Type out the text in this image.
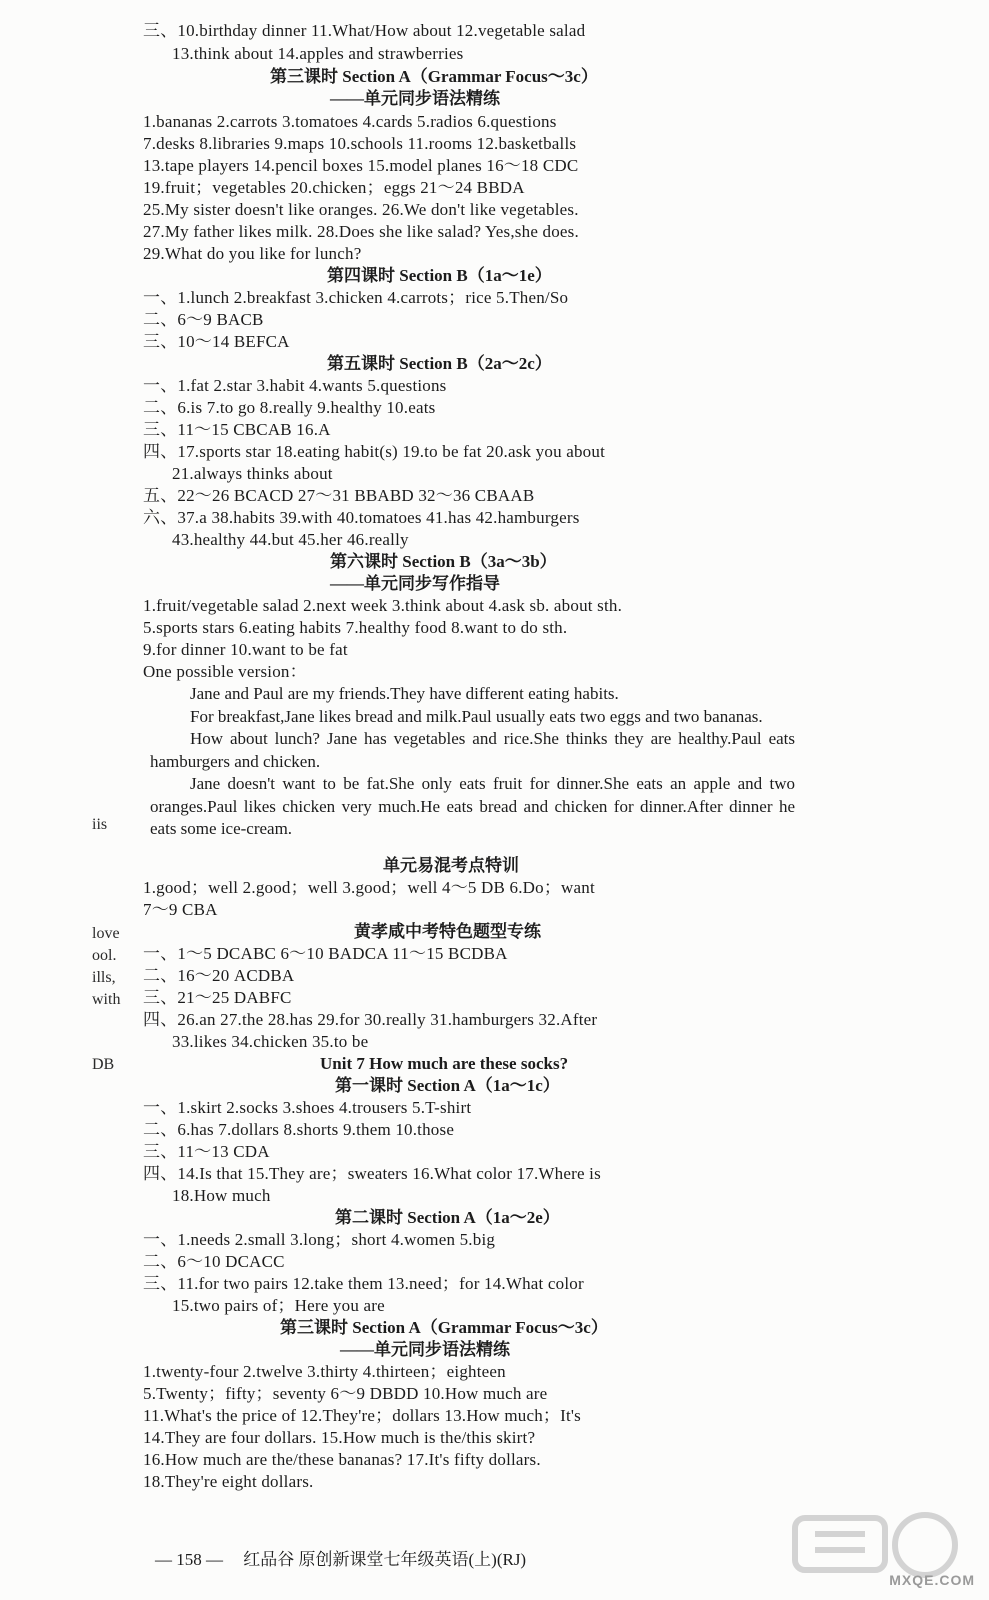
三、10.birthday dinner 11.What/How about 12.vegetable salad
13.think about 14.apples and strawberries
1.bananas 2.carrots 3.tomatoes 4.cards 5.radios 6.questions
7.desks 8.libraries 9.maps 10.schools 11.rooms 12.basketballs
13.tape players 14.pencil boxes 15.model planes 16～18 CDC
19.fruit；vegetables 20.chicken；eggs 21～24 BBDA
25.My sister doesn't like oranges. 26.We don't like vegetables.
27.My father likes milk. 28.Does she like salad? Yes,she does.
29.What do you like for lunch?
一、1.lunch 2.breakfast 3.chicken 4.carrots；rice 5.Then/So
二、6～9 BACB
三、10～14 BEFCA
一、1.fat 2.star 3.habit 4.wants 5.questions
二、6.is 7.to go 8.really 9.healthy 10.eats
三、11～15 CBCAB 16.A
四、17.sports star 18.eating habit(s) 19.to be fat 20.ask you about
21.always thinks about
五、22～26 BCACD 27～31 BBABD 32～36 CBAAB
六、37.a 38.habits 39.with 40.tomatoes 41.has 42.hamburgers
43.healthy 44.but 45.her 46.really
1.fruit/vegetable salad 2.next week 3.think about 4.ask sb. about sth.
5.sports stars 6.eating habits 7.healthy food 8.want to do sth.
9.for dinner 10.want to be fat
One possible version：
1.good；well 2.good；well 3.good；well 4～5 DB 6.Do；want
7～9 CBA
一、1～5 DCABC 6～10 BADCA 11～15 BCDBA
二、16～20 ACDBA
三、21～25 DABFC
四、26.an 27.the 28.has 29.for 30.really 31.hamburgers 32.After
33.likes 34.chicken 35.to be
一、1.skirt 2.socks 3.shoes 4.trousers 5.T-shirt
二、6.has 7.dollars 8.shorts 9.them 10.those
三、11～13 CDA
四、14.Is that 15.They are；sweaters 16.What color 17.Where is
18.How much
一、1.needs 2.small 3.long；short 4.women 5.big
二、6～10 DCACC
三、11.for two pairs 12.take them 13.need；for 14.What color
15.two pairs of；Here you are
1.twenty-four 2.twelve 3.thirty 4.thirteen；eighteen
5.Twenty；fifty；seventy 6～9 DBDD 10.How much are
11.What's the price of 12.They're；dollars 13.How much；It's
14.They are four dollars. 15.How much is the/this skirt?
16.How much are the/these bananas? 17.It's fifty dollars.
18.They're eight dollars.
第三课时 Section A（Grammar Focus～3c）
——单元同步语法精练
第四课时 Section B（1a～1e）
第五课时 Section B（2a～2c）
第六课时 Section B（3a～3b）
——单元同步写作指导
单元易混考点特训
黄孝咸中考特色题型专练
Unit 7 How much are these socks?
第一课时 Section A（1a～1c）
第二课时 Section A（1a～2e）
第三课时 Section A（Grammar Focus～3c）
——单元同步语法精练

Jane and Paul are my friends.They have different eating habits.

For breakfast,Jane likes bread and milk.Paul usually eats two eggs and two bananas.

How about lunch? Jane has vegetables and rice.She thinks they are healthy.Paul eats hamburgers and chicken.

Jane doesn't want to be fat.She only eats fruit for dinner.She eats an apple and two oranges.Paul likes chicken very much.He eats bread and chicken for dinner.After dinner he eats some ice-cream.

iis
love
ool.
ills,
with
DB
— 158 — 红品谷 原创新课堂七年级英语(上)(RJ)
MXQE.COM
